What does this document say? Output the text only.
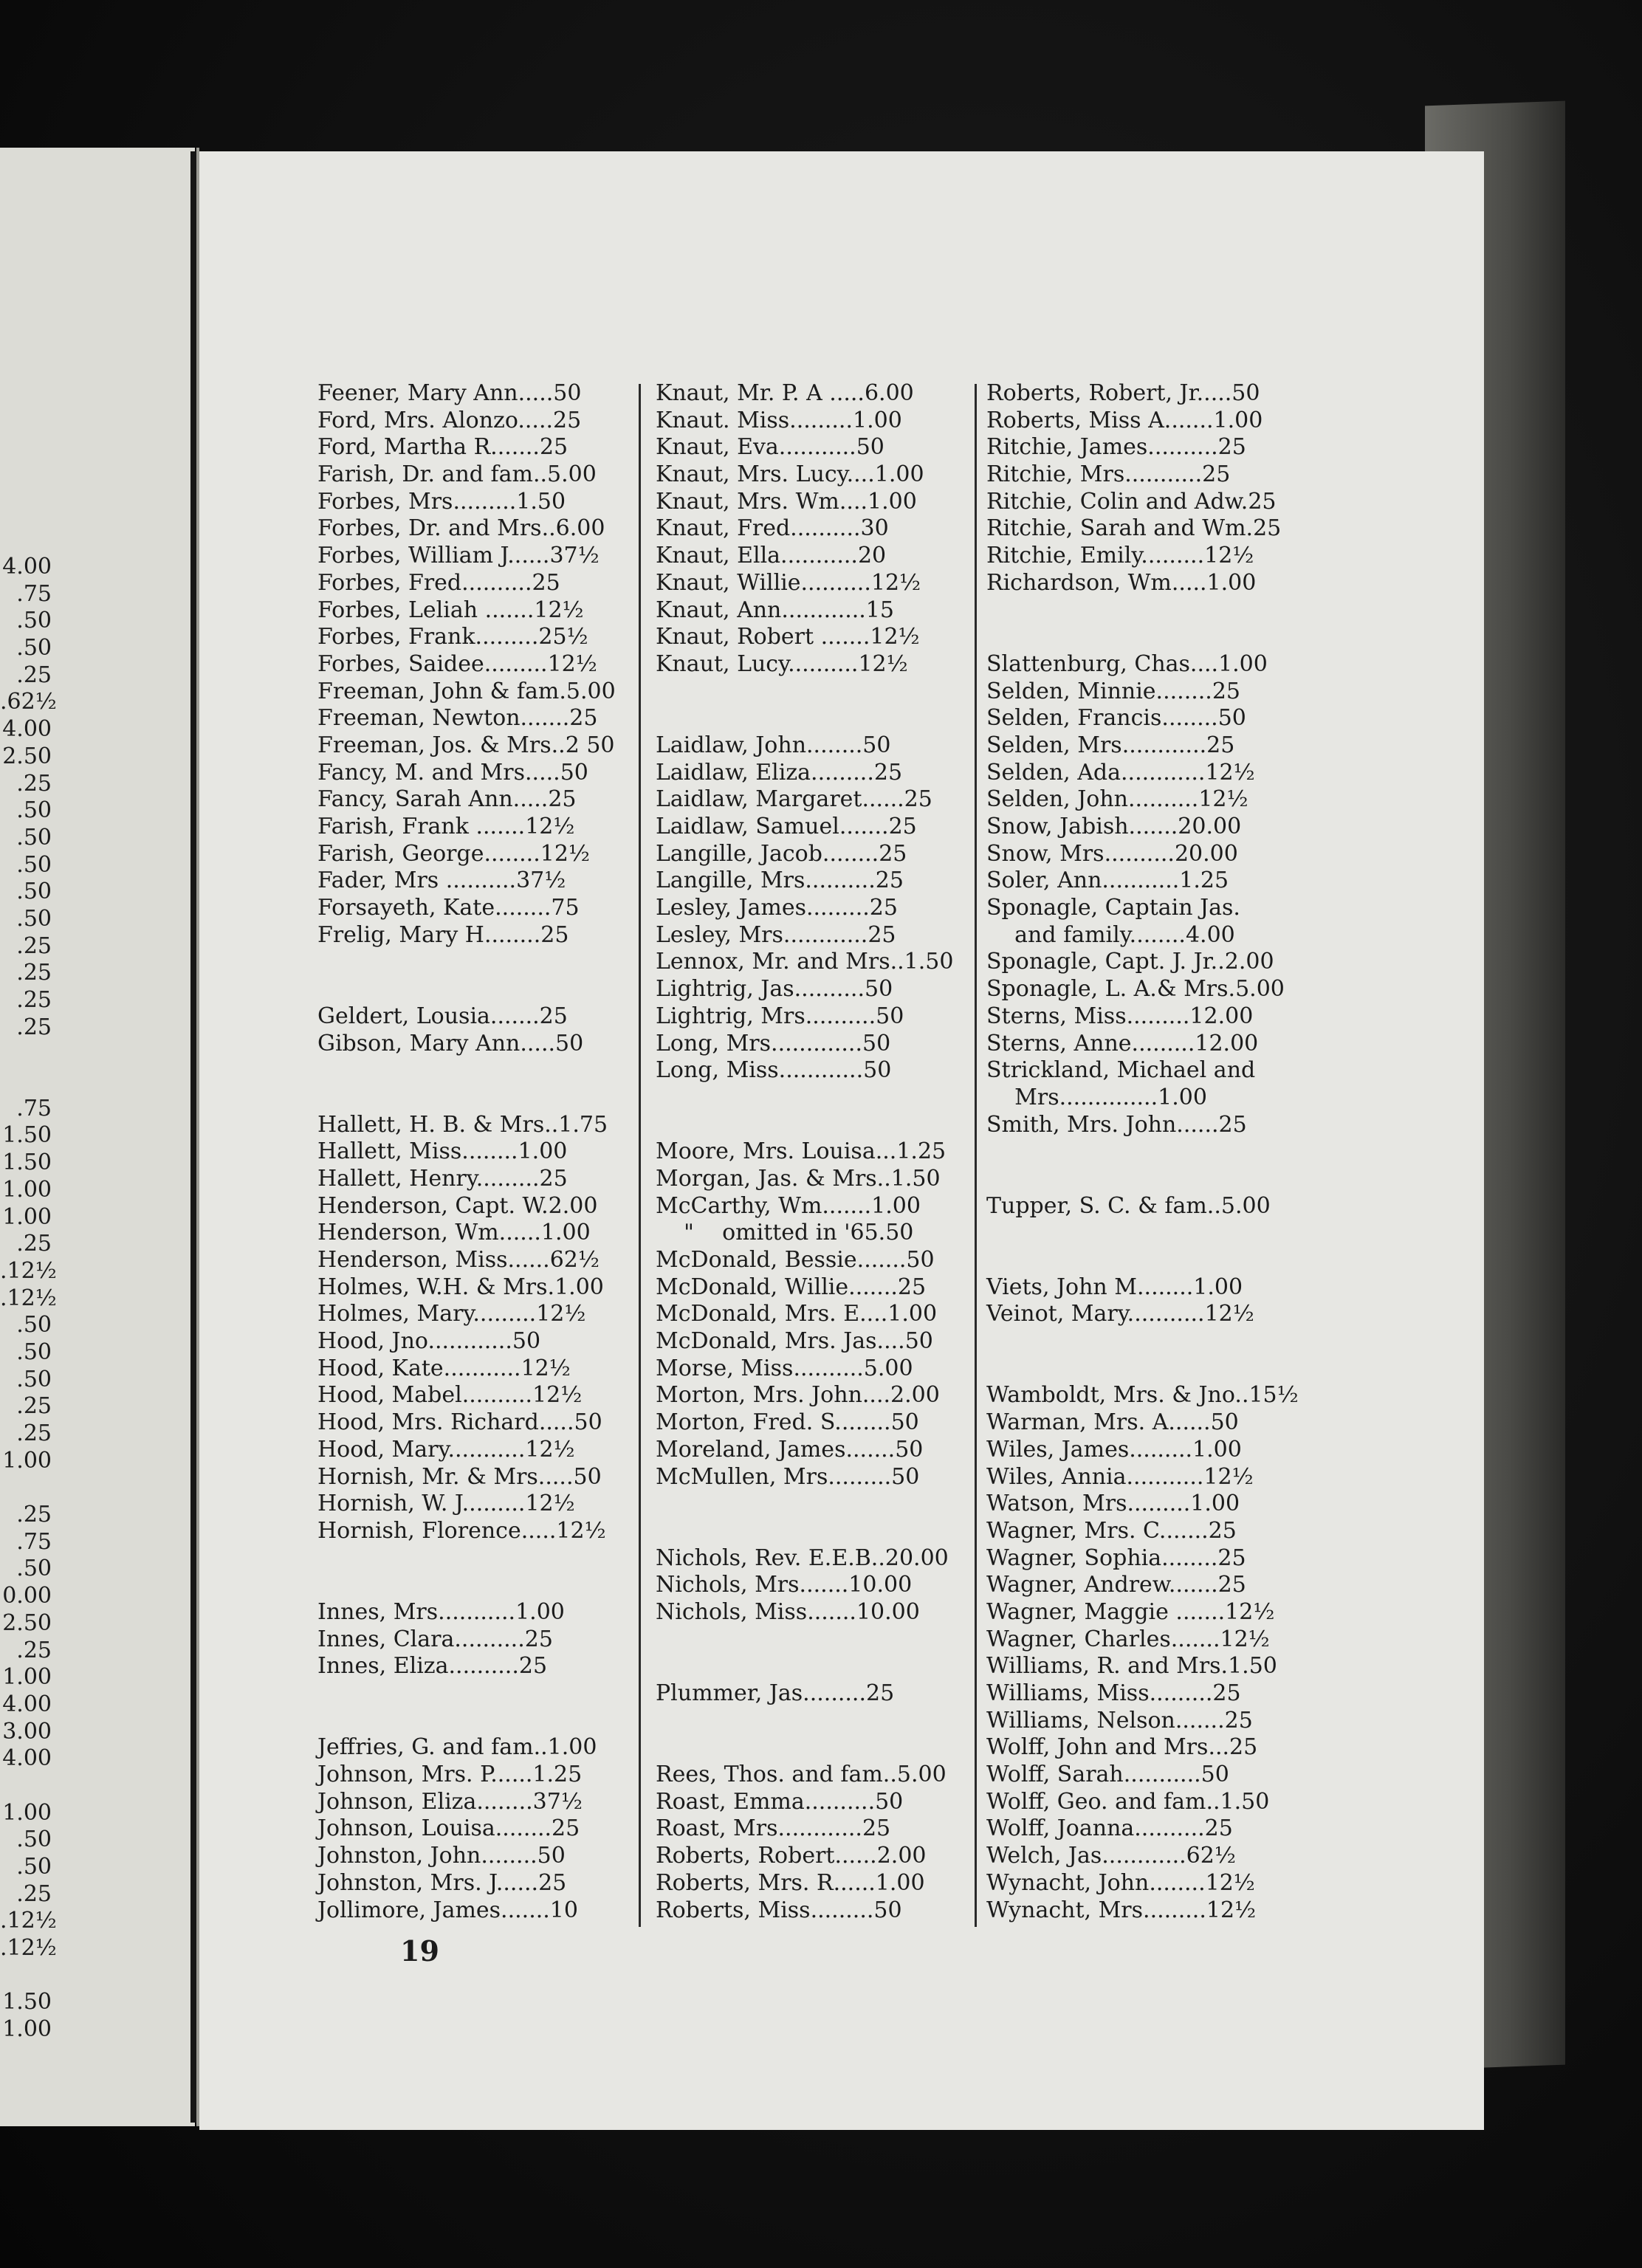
4.00
.75
.50
.50
.25
.62½
4.00
2.50
.25
.50
.50
.50
.50
.50
.25
.25
.25
.25
.75
1.50
1.50
1.00
1.00
.25
.12½
.12½
.50
.50
.50
.25
.25
1.00
.25
.75
.50
0.00
2.50
.25
1.00
4.00
3.00
4.00
1.00
.50
.50
.25
.12½
.12½
1.50
1.00
Feener, Mary Ann.....50
Ford, Mrs. Alonzo.....25
Ford, Martha R.......25
Farish, Dr. and fam..5.00
Forbes, Mrs.........1.50
Forbes, Dr. and Mrs..6.00
Forbes, William J......37½
Forbes, Fred..........25
Forbes, Leliah .......12½
Forbes, Frank.........25½
Forbes, Saidee.........12½
Freeman, John & fam.5.00
Freeman, Newton.......25
Freeman, Jos. & Mrs..2 50
Fancy, M. and Mrs.....50
Fancy, Sarah Ann.....25
Farish, Frank .......12½
Farish, George........12½
Fader, Mrs ..........37½
Forsayeth, Kate........75
Frelig, Mary H........25
Geldert, Lousia.......25
Gibson, Mary Ann.....50
Hallett, H. B. & Mrs..1.75
Hallett, Miss........1.00
Hallett, Henry.........25
Henderson, Capt. W.2.00
Henderson, Wm......1.00
Henderson, Miss......62½
Holmes, W.H. & Mrs.1.00
Holmes, Mary.........12½
Hood, Jno............50
Hood, Kate...........12½
Hood, Mabel..........12½
Hood, Mrs. Richard.....50
Hood, Mary...........12½
Hornish, Mr. & Mrs.....50
Hornish, W. J.........12½
Hornish, Florence.....12½
Innes, Mrs...........1.00
Innes, Clara..........25
Innes, Eliza..........25
Jeffries, G. and fam..1.00
Johnson, Mrs. P......1.25
Johnson, Eliza........37½
Johnson, Louisa........25
Johnston, John........50
Johnston, Mrs. J......25
Jollimore, James.......10
Knaut, Mr. P. A .....6.00
Knaut. Miss.........1.00
Knaut, Eva...........50
Knaut, Mrs. Lucy....1.00
Knaut, Mrs. Wm....1.00
Knaut, Fred..........30
Knaut, Ella...........20
Knaut, Willie..........12½
Knaut, Ann............15
Knaut, Robert .......12½
Knaut, Lucy..........12½
Laidlaw, John........50
Laidlaw, Eliza.........25
Laidlaw, Margaret......25
Laidlaw, Samuel.......25
Langille, Jacob........25
Langille, Mrs..........25
Lesley, James.........25
Lesley, Mrs............25
Lennox, Mr. and Mrs..1.50
Lightrig, Jas..........50
Lightrig, Mrs..........50
Long, Mrs.............50
Long, Miss............50
Moore, Mrs. Louisa...1.25
Morgan, Jas. & Mrs..1.50
McCarthy, Wm.......1.00
"    omitted in '65.50
McDonald, Bessie.......50
McDonald, Willie.......25
McDonald, Mrs. E....1.00
McDonald, Mrs. Jas....50
Morse, Miss..........5.00
Morton, Mrs. John....2.00
Morton, Fred. S........50
Moreland, James.......50
McMullen, Mrs.........50
Nichols, Rev. E.E.B..20.00
Nichols, Mrs.......10.00
Nichols, Miss.......10.00
Plummer, Jas.........25
Rees, Thos. and fam..5.00
Roast, Emma..........50
Roast, Mrs............25
Roberts, Robert......2.00
Roberts, Mrs. R......1.00
Roberts, Miss.........50
Roberts, Robert, Jr.....50
Roberts, Miss A.......1.00
Ritchie, James..........25
Ritchie, Mrs...........25
Ritchie, Colin and Adw.25
Ritchie, Sarah and Wm.25
Ritchie, Emily.........12½
Richardson, Wm.....1.00
Slattenburg, Chas....1.00
Selden, Minnie........25
Selden, Francis........50
Selden, Mrs............25
Selden, Ada............12½
Selden, John..........12½
Snow, Jabish.......20.00
Snow, Mrs..........20.00
Soler, Ann...........1.25
Sponagle, Captain Jas.
and family........4.00
Sponagle, Capt. J. Jr..2.00
Sponagle, L. A.& Mrs.5.00
Sterns, Miss.........12.00
Sterns, Anne.........12.00
Strickland, Michael and
Mrs..............1.00
Smith, Mrs. John......25
Tupper, S. C. & fam..5.00
Viets, John M........1.00
Veinot, Mary...........12½
Wamboldt, Mrs. & Jno..15½
Warman, Mrs. A......50
Wiles, James.........1.00
Wiles, Annia...........12½
Watson, Mrs.........1.00
Wagner, Mrs. C.......25
Wagner, Sophia........25
Wagner, Andrew.......25
Wagner, Maggie .......12½
Wagner, Charles.......12½
Williams, R. and Mrs.1.50
Williams, Miss.........25
Williams, Nelson.......25
Wolff, John and Mrs...25
Wolff, Sarah...........50
Wolff, Geo. and fam..1.50
Wolff, Joanna..........25
Welch, Jas............62½
Wynacht, John........12½
Wynacht, Mrs.........12½
19
